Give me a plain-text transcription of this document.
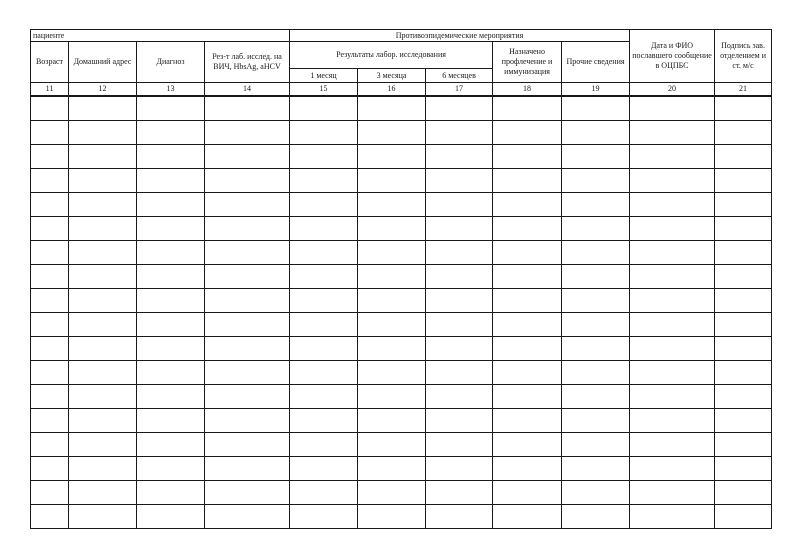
пациенте				Противоэпидемические мероприятия					Дата и ФИО пославшего сообщение в ОЦПБС	Подпись зав. отделением и ст. м/с
Возраст	Домашний адрес	Диагноз	Рез-т лаб. исслед. на ВИЧ, HbsAg, aHCV	Результаты лабор. исследования			Назначено профлечение и иммунизация	Прочие сведения		
				1 месяц	3 месяца	6 месяцев				
11	12	13	14	15	16	17	18	19	20	21
